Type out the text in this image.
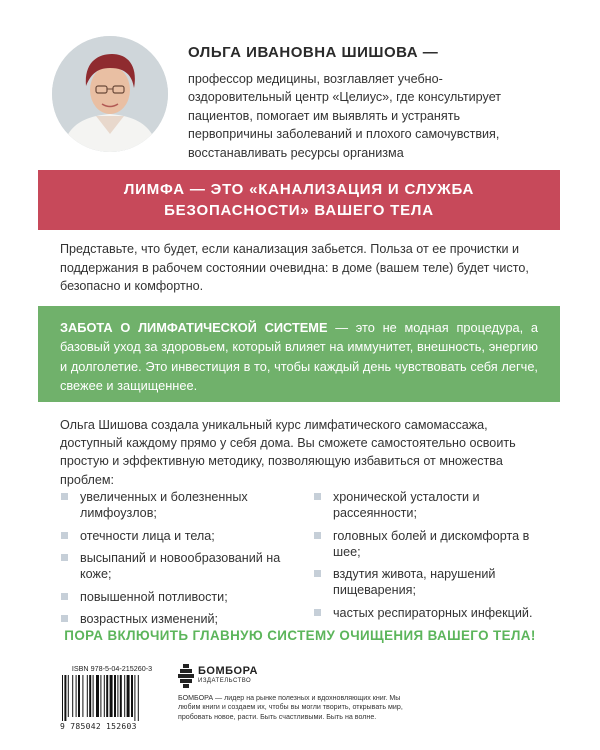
ОЛЬГА ИВАНОВНА ШИШОВА —
профессор медицины, возглавляет учебно-оздоровительный центр «Целиус», где консультирует пациентов, помогает им выявлять и устранять первопричины заболеваний и плохого самочувствия, восстанавливать ресурсы организма
ЛИМФА — ЭТО «КАНАЛИЗАЦИЯ И СЛУЖБА
БЕЗОПАСНОСТИ» ВАШЕГО ТЕЛА
Представьте, что будет, если канализация забьется. Польза от ее прочистки и поддержания в рабочем состоянии очевидна: в доме (вашем теле) будет чисто, безопасно и комфортно.

ЗАБОТА О ЛИМФАТИЧЕСКОЙ СИСТЕМЕ — это не модная процедура, а базовый уход за здоровьем, который влияет на иммунитет, внешность, энергию и долголетие. Это инвестиция в то, чтобы каждый день чувствовать себя легче, свежее и защищеннее.

Ольга Шишова создала уникальный курс лимфатического самомассажа, доступный каждому прямо у себя дома. Вы сможете самостоятельно освоить простую и эффективную методику, позволяющую избавиться от множества проблем:
увеличенных и болезненных лимфоузлов;
отечности лица и тела;
высыпаний и новообразований на коже;
повышенной потливости;
возрастных изменений;
хронической усталости и рассеянности;
головных болей и дискомфорта в шее;
вздутия живота, нарушений пищеварения;
частых респираторных инфекций.
ПОРА ВКЛЮЧИТЬ ГЛАВНУЮ СИСТЕМУ ОЧИЩЕНИЯ ВАШЕГО ТЕЛА!
ISBN 978-5-04-215260-3
9 785042 152603
БОМБОРА
ИЗДАТЕЛЬСТВО
БОМБОРА — лидер на рынке полезных и вдохновляющих книг. Мы любим книги и создаем их, чтобы вы могли творить, открывать мир, пробовать новое, расти. Быть счастливыми. Быть на волне.
